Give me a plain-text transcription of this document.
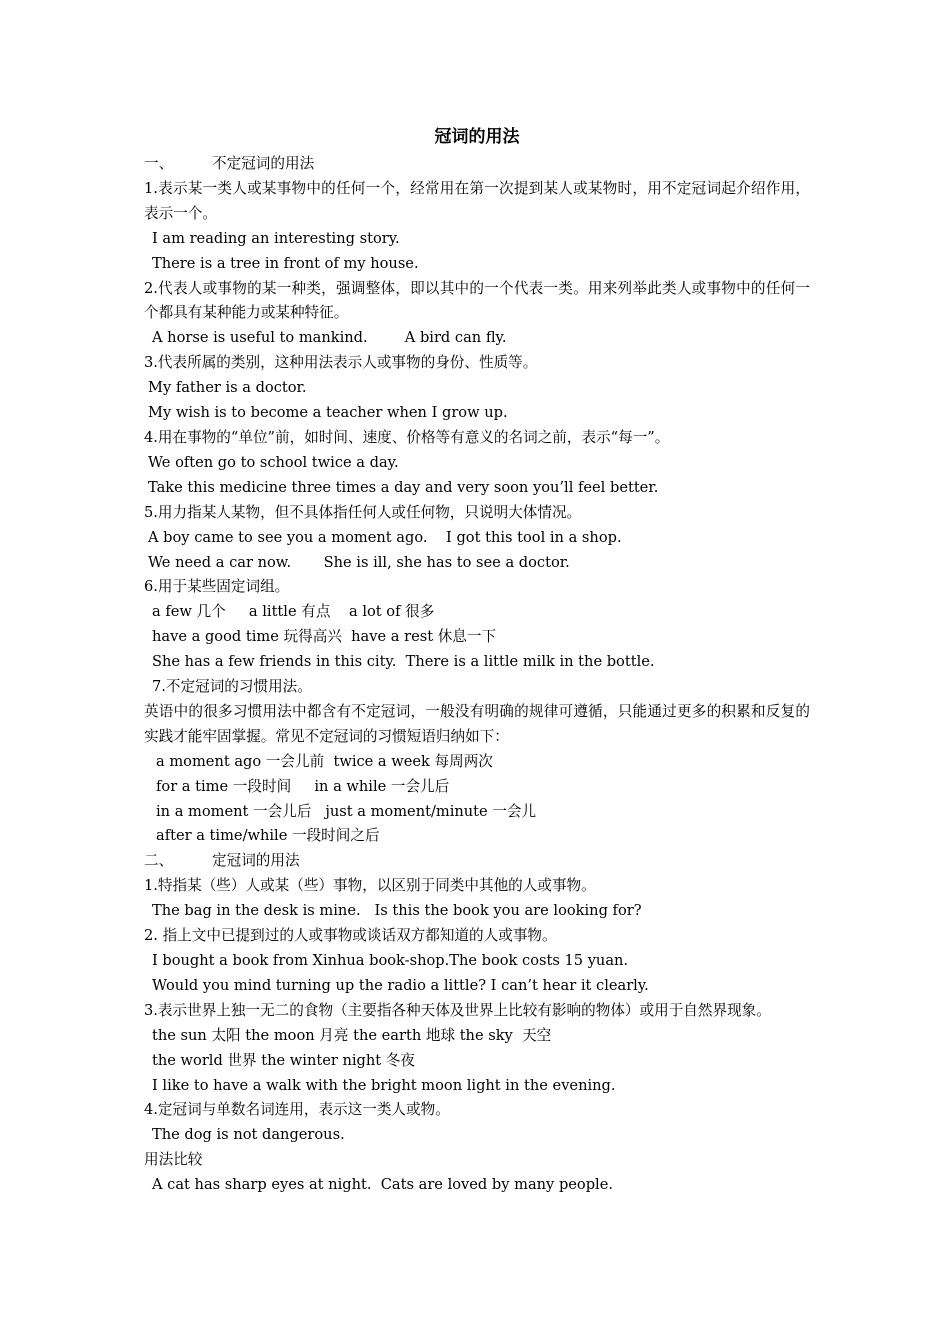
冠词的用法
一、	不定冠词的用法
1.表示某一类人或某事物中的任何一个，经常用在第一次提到某人或某物时，用不定冠词起介绍作用，表示一个。
I am reading an interesting story.
There is a tree in front of my house.
2.代表人或事物的某一种类，强调整体，即以其中的一个代表一类。用来列举此类人或事物中的任何一个都具有某种能力或某种特征。
A horse is useful to mankind.        A bird can fly.
3.代表所属的类别，这种用法表示人或事物的身份、性质等。
My father is a doctor.
My wish is to become a teacher when I grow up.
4.用在事物的“单位”前，如时间、速度、价格等有意义的名词之前，表示“每一”。
We often go to school twice a day.
Take this medicine three times a day and very soon you’ll feel better.
5.用力指某人某物，但不具体指任何人或任何物，只说明大体情况。
A boy came to see you a moment ago.    I got this tool in a shop.
We need a car now.       She is ill, she has to see a doctor.
6.用于某些固定词组。
a few 几个     a little 有点    a lot of 很多
have a good time 玩得高兴  have a rest 休息一下
She has a few friends in this city.  There is a little milk in the bottle.
7.不定冠词的习惯用法。
英语中的很多习惯用法中都含有不定冠词，一般没有明确的规律可遵循，只能通过更多的积累和反复的实践才能牢固掌握。常见不定冠词的习惯短语归纳如下：
a moment ago 一会儿前  twice a week 每周两次
for a time 一段时间     in a while 一会儿后
in a moment 一会儿后   just a moment/minute 一会儿
after a time/while 一段时间之后
二、	定冠词的用法
1.特指某（些）人或某（些）事物，以区别于同类中其他的人或事物。
The bag in the desk is mine.   Is this the book you are looking for?
2. 指上文中已提到过的人或事物或谈话双方都知道的人或事物。
I bought a book from Xinhua book-shop.The book costs 15 yuan.
Would you mind turning up the radio a little? I can’t hear it clearly.
3.表示世界上独一无二的食物（主要指各种天体及世界上比较有影响的物体）或用于自然界现象。
the sun 太阳 the moon 月亮 the earth 地球 the sky  天空
the world 世界 the winter night 冬夜
I like to have a walk with the bright moon light in the evening.
4.定冠词与单数名词连用，表示这一类人或物。
The dog is not dangerous.
用法比较
A cat has sharp eyes at night.  Cats are loved by many people.
